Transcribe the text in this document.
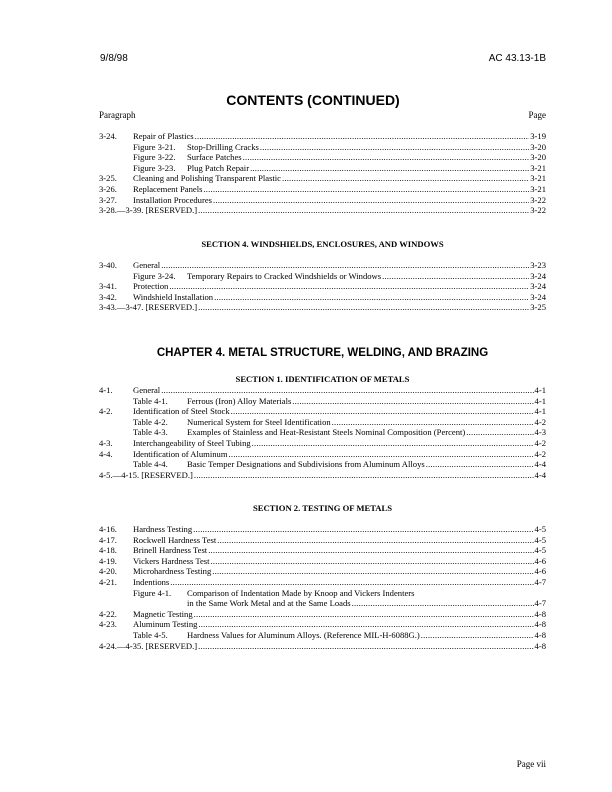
9/8/98	AC 43.13-1B
CONTENTS (CONTINUED)
Paragraph	Page
3-24.	Repair of Plastics .....	3-19
Figure 3-21.	Stop-Drilling Cracks .....	3-20
Figure 3-22.	Surface Patches .....	3-20
Figure 3-23.	Plug Patch Repair .....	3-21
3-25.	Cleaning and Polishing Transparent Plastic .....	3-21
3-26.	Replacement Panels .....	3-21
3-27.	Installation Procedures .....	3-22
3-28.—3-39. [RESERVED.] .....	3-22
SECTION 4. WINDSHIELDS, ENCLOSURES, AND WINDOWS
3-40.	General .....	3-23
Figure 3-24.	Temporary Repairs to Cracked Windshields or Windows .....	3-24
3-41.	Protection .....	3-24
3-42.	Windshield Installation .....	3-24
3-43.—3-47. [RESERVED.] .....	3-25
CHAPTER 4. METAL STRUCTURE, WELDING, AND BRAZING
SECTION 1. IDENTIFICATION OF METALS
4-1.	General .....	4-1
Table 4-1.	Ferrous (Iron) Alloy Materials .....	4-1
4-2.	Identification of Steel Stock .....	4-1
Table 4-2.	Numerical System for Steel Identification .....	4-2
Table 4-3.	Examples of Stainless and Heat-Resistant Steels Nominal Composition (Percent) .....	4-3
4-3.	Interchangeability of Steel Tubing .....	4-2
4-4.	Identification of Aluminum .....	4-2
Table 4-4.	Basic Temper Designations and Subdivisions from Aluminum Alloys .....	4-4
4-5.—4-15. [RESERVED.] .....	4-4
SECTION 2. TESTING OF METALS
4-16.	Hardness Testing .....	4-5
4-17.	Rockwell Hardness Test .....	4-5
4-18.	Brinell Hardness Test .....	4-5
4-19.	Vickers Hardness Test .....	4-6
4-20.	Microhardness Testing .....	4-6
4-21.	Indentions .....	4-7
Figure 4-1.	Comparison of Indentation Made by Knoop and Vickers Indenters
in the Same Work Metal and at the Same Loads .....	4-7
4-22.	Magnetic Testing .....	4-8
4-23.	Aluminum Testing .....	4-8
Table 4-5.	Hardness Values for Aluminum Alloys. (Reference MIL-H-6088G.) .....	4-8
4-24.—4-35. [RESERVED.] .....	4-8
Page vii
